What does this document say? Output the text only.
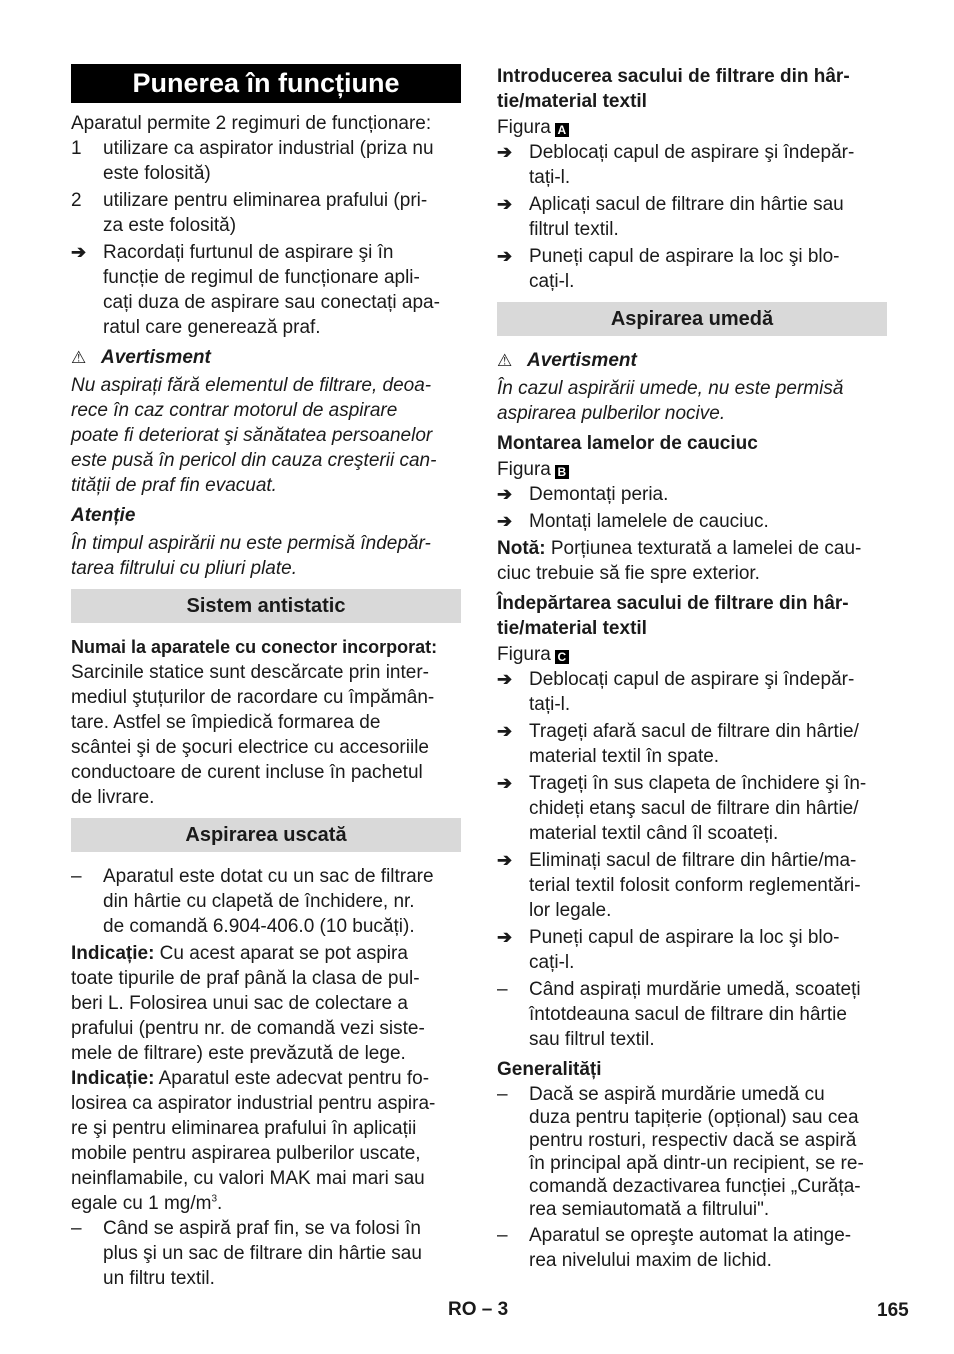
Punerea în funcțiune

Aparatul permite 2 regimuri de funcționare:

1	utilizare ca aspirator industrial (priza nu
este folosită)
2	utilizare pentru eliminarea prafului (pri-
za este folosită)
➔ Racordați furtunul de aspirare şi în
funcție de regimul de funcționare apli-
cați duza de aspirare sau conectați apa-
ratul care generează praf.
⚠ Avertisment

Nu aspirați fără elementul de filtrare, deoa-
rece în caz contrar motorul de aspirare
poate fi deteriorat şi sănătatea persoanelor
este pusă în pericol din cauza creşterii can-
tității de praf fin evacuat.

Atenție

În timpul aspirării nu este permisă îndepăr-
tarea filtrului cu pliuri plate.

Sistem antistatic

Numai la aparatele cu conector incorporat:

Sarcinile statice sunt descărcate prin inter-
mediul ştuțurilor de racordare cu împămân-
tare. Astfel se împiedică formarea de
scântei şi de şocuri electrice cu accesoriile
conductoare de curent incluse în pachetul
de livrare.

Aspirarea uscată
–	Aparatul este dotat cu un sac de filtrare
din hârtie cu clapetă de închidere, nr.
de comandă 6.904-406.0 (10 bucăți).

Indicație: Cu acest aparat se pot aspira
toate tipurile de praf până la clasa de pul-
beri L. Folosirea unui sac de colectare a
prafului (pentru nr. de comandă vezi siste-
mele de filtrare) este prevăzută de lege.

Indicație: Aparatul este adecvat pentru fo-
losirea ca aspirator industrial pentru aspira-
re şi pentru eliminarea prafului în aplicații
mobile pentru aspirarea pulberilor uscate,
neinflamabile, cu valori MAK mai mari sau
egale cu 1 $mg/m^3$.

–	Când se aspiră praf fin, se va folosi în
plus şi un sac de filtrare din hârtie sau
un filtru textil.

Introducerea sacului de filtrare din hâr-
tie/material textil

Figura A

➔ Deblocați capul de aspirare şi îndepăr-
tați-l.
➔ Aplicați sacul de filtrare din hârtie sau
filtrul textil.
➔ Puneți capul de aspirare la loc şi blo-
cați-l.
Aspirarea umedă
⚠ Avertisment

În cazul aspirării umede, nu este permisă
aspirarea pulberilor nocive.

Montarea lamelor de cauciuc

Figura B

➔ Demontați peria.
➔ Montați lamelele de cauciuc.

Notă: Porțiunea texturată a lamelei de cau-
ciuc trebuie să fie spre exterior.

Îndepărtarea sacului de filtrare din hâr-
tie/material textil

Figura C

➔ Deblocați capul de aspirare şi îndepăr-
tați-l.
➔ Trageți afară sacul de filtrare din hârtie/
material textil în spate.
➔ Trageți în sus clapeta de închidere şi în-
chideți etanş sacul de filtrare din hârtie/
material textil când îl scoateți.
➔ Eliminați sacul de filtrare din hârtie/ma-
terial textil folosit conform reglementări-
lor legale.
➔ Puneți capul de aspirare la loc şi blo-
cați-l.
–	Când aspirați murdărie umedă, scoateți
întotdeauna sacul de filtrare din hârtie
sau filtrul textil.

Generalități

–	Dacă se aspiră murdărie umedă cu
duza pentru tapițerie (opțional) sau cea
pentru rosturi, respectiv dacă se aspiră
în principal apă dintr-un recipient, se re-
comandă dezactivarea funcției „Curăța-
rea semiautomată a filtrului".
–	Aparatul se opreşte automat la atinge-
rea nivelului maxim de lichid.
RO – 3	165
